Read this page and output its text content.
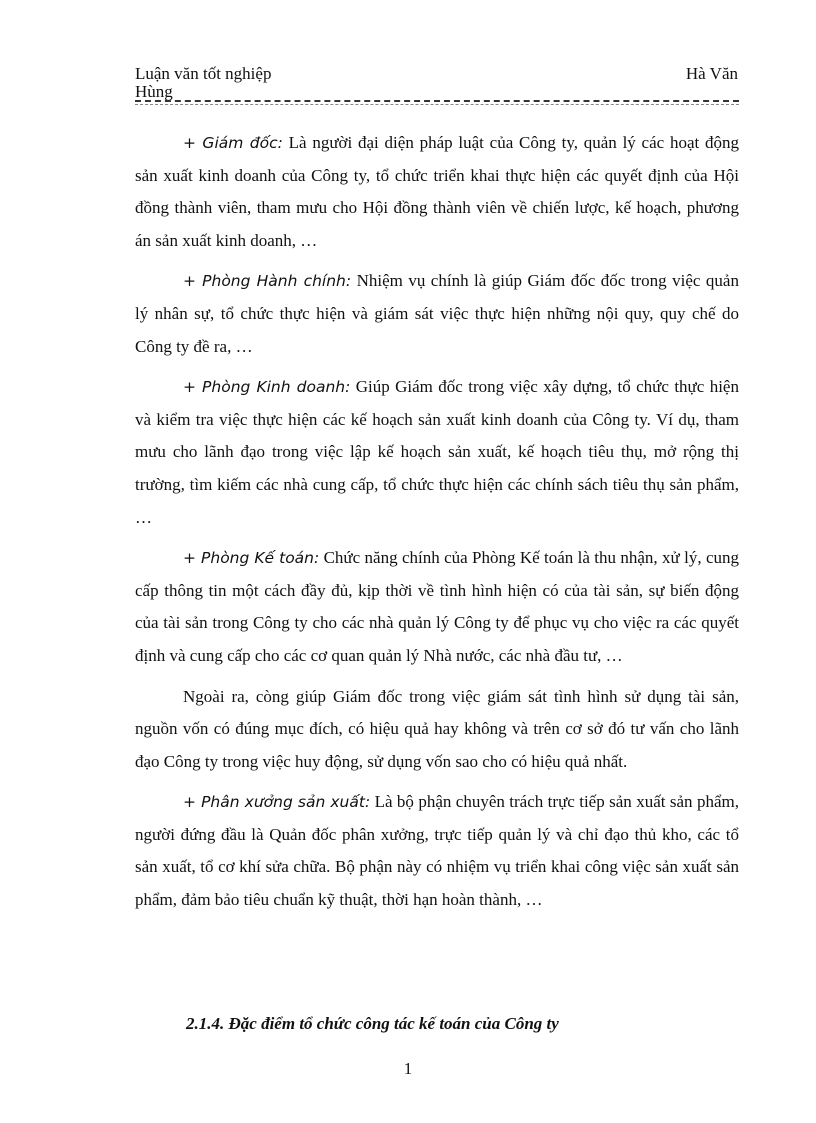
Luận văn tốt nghiệp	Hà Văn
Hùng

+ Giám đốc: Là người đại diện pháp luật của Công ty, quản lý các hoạt động sản xuất kinh doanh của Công ty, tổ chức triển khai thực hiện các quyết định của Hội đồng thành viên, tham mưu cho Hội đồng thành viên về chiến lược, kế hoạch, phương án sản xuất kinh doanh, …

+ Phòng Hành chính: Nhiệm vụ chính là giúp Giám đốc đốc trong việc quản lý nhân sự, tổ chức thực hiện và giám sát việc thực hiện những nội quy, quy chế do Công ty đề ra, …

+ Phòng Kinh doanh: Giúp Giám đốc trong việc xây dựng, tổ chức thực hiện và kiểm tra việc thực hiện các kế hoạch sản xuất kinh doanh của Công ty. Ví dụ, tham mưu cho lãnh đạo trong việc lập kế hoạch sản xuất, kế hoạch tiêu thụ, mở rộng thị trường, tìm kiếm các nhà cung cấp, tổ chức thực hiện các chính sách tiêu thụ sản phẩm, …

+ Phòng Kế toán: Chức năng chính của Phòng Kế toán là thu nhận, xử lý, cung cấp thông tin một cách đầy đủ, kịp thời về tình hình hiện có của tài sản, sự biến động của tài sản trong Công ty cho các nhà quản lý Công ty để phục vụ cho việc ra các quyết định và cung cấp cho các cơ quan quản lý Nhà nước, các nhà đầu tư, …

Ngoài ra, còng giúp Giám đốc trong việc giám sát tình hình sử dụng tài sản, nguồn vốn có đúng mục đích, có hiệu quả hay không và trên cơ sở đó tư vấn cho lãnh đạo Công ty trong việc huy động, sử dụng vốn sao cho có hiệu quả nhất.

+ Phân xưởng sản xuất: Là bộ phận chuyên trách trực tiếp sản xuất sản phẩm, người đứng đầu là Quản đốc phân xưởng, trực tiếp quản lý và chỉ đạo thủ kho, các tổ sản xuất, tổ cơ khí sửa chữa. Bộ phận này có nhiệm vụ triển khai công việc sản xuất sản phẩm, đảm bảo tiêu chuẩn kỹ thuật, thời hạn hoàn thành, …

2.1.4. Đặc điểm tổ chức công tác kế toán của Công ty
1
